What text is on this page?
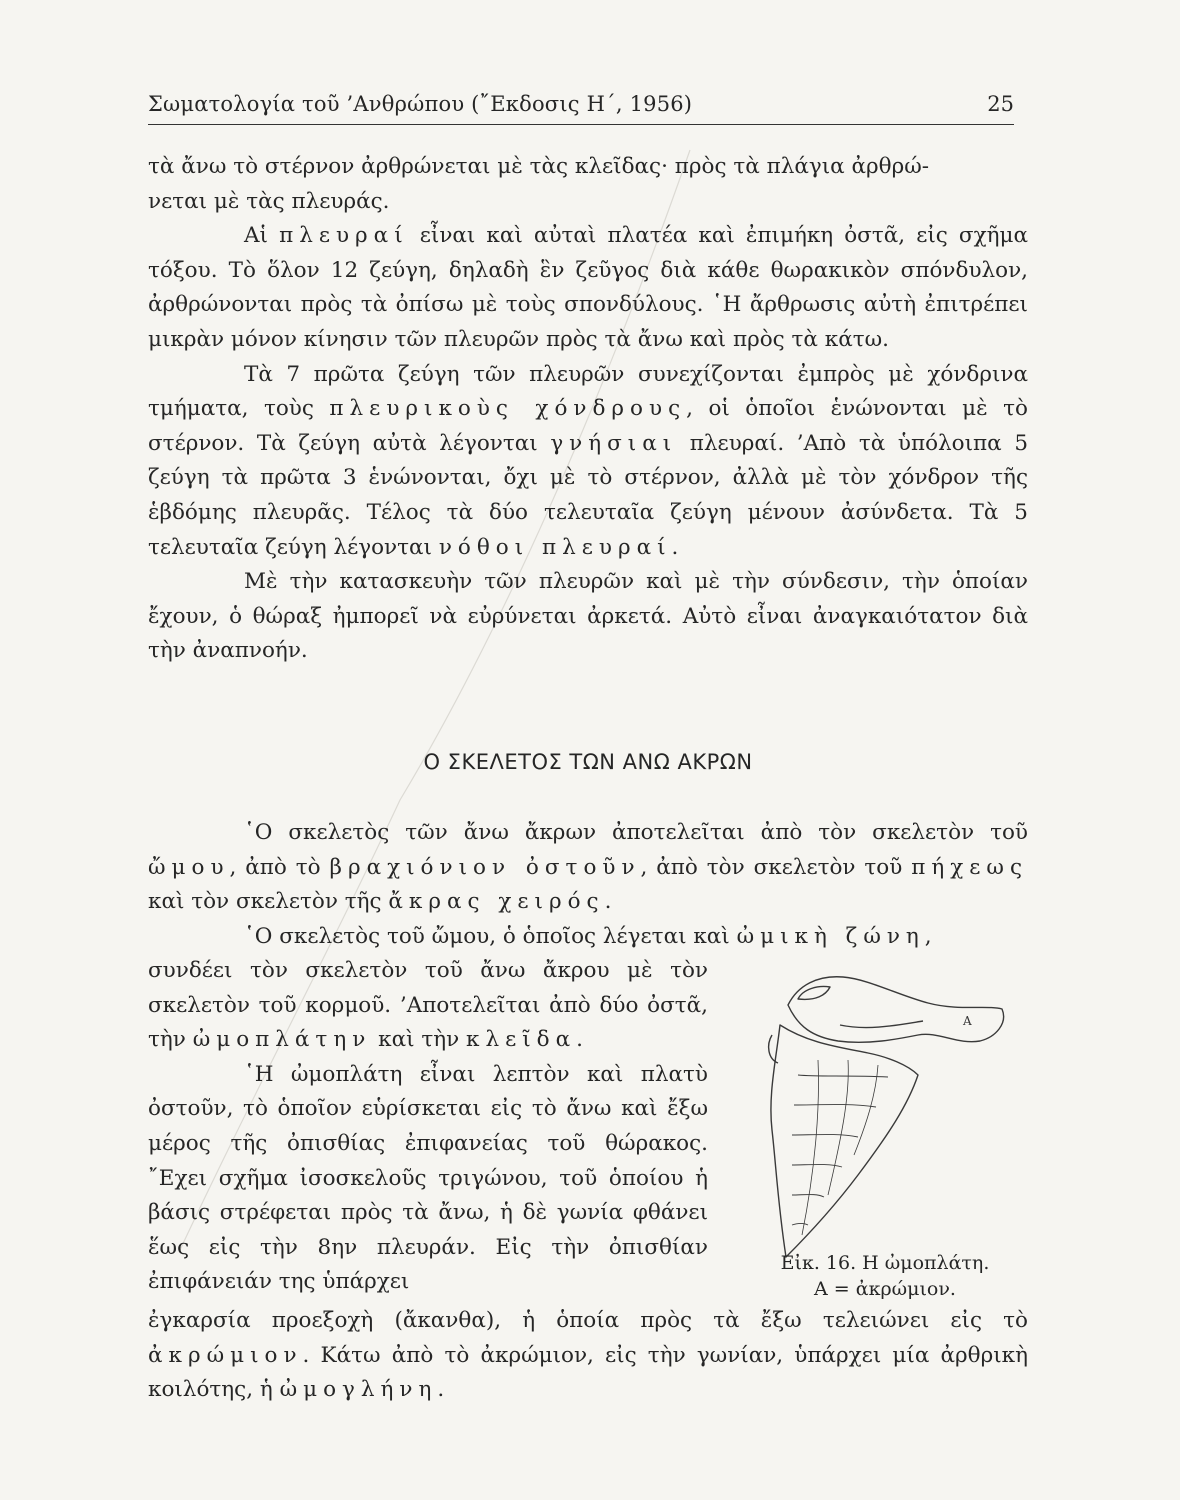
Σωματολογία τοῦ ’Ανθρώπου (῎Εκδοσις Η΄, 1956)	25

τὰ ἄνω τὸ στέρνον ἀρθρώνεται μὲ τὰς κλεῖδας· πρὸς τὰ πλάγια ἀρθρώ-
νεται μὲ τὰς πλευράς.

Αἱ πλευραί εἶναι καὶ αὐταὶ πλατέα καὶ ἐπιμήκη ὀστᾶ, εἰς σχῆμα τόξου. Τὸ ὅλον 12 ζεύγη, δηλαδὴ ἓν ζεῦγος διὰ κάθε θωρακικὸν σπόνδυλον, ἀρθρώνονται πρὸς τὰ ὀπίσω μὲ τοὺς σπονδύλους. ῾Η ἄρθρωσις αὐτὴ ἐπιτρέπει μικρὰν μόνον κίνησιν τῶν πλευρῶν πρὸς τὰ ἄνω καὶ πρὸς τὰ κάτω.

Τὰ 7 πρῶτα ζεύγη τῶν πλευρῶν συνεχίζονται ἐμπρὸς μὲ χόνδρινα τμήματα, τοὺς πλευρικοὺς χόνδρους, οἱ ὁποῖοι ἑνώνονται μὲ τὸ στέρνον. Τὰ ζεύγη αὐτὰ λέγονται γνήσιαι πλευραί. ’Απὸ τὰ ὑπόλοιπα 5 ζεύγη τὰ πρῶτα 3 ἑνώνονται, ὄχι μὲ τὸ στέρνον, ἀλλὰ μὲ τὸν χόνδρον τῆς ἑβδόμης πλευρᾶς. Τέλος τὰ δύο τελευταῖα ζεύγη μένουν ἀσύνδετα. Τὰ 5 τελευταῖα ζεύγη λέγονται νόθοι πλευραί.

Μὲ τὴν κατασκευὴν τῶν πλευρῶν καὶ μὲ τὴν σύνδεσιν, τὴν ὁποίαν ἔχουν, ὁ θώραξ ἠμπορεῖ νὰ εὐρύνεται ἀρκετά. Αὐτὸ εἶναι ἀναγκαιότατον διὰ τὴν ἀναπνοήν.

Ο ΣΚΕΛΕΤΟΣ ΤΩΝ ΑΝΩ ΑΚΡΩΝ

῾Ο σκελετὸς τῶν ἄνω ἄκρων ἀποτελεῖται ἀπὸ τὸν σκελετὸν τοῦ ὤμου, ἀπὸ τὸ βραχιόνιον ὀστοῦν, ἀπὸ τὸν σκελετὸν τοῦ πήχεως καὶ τὸν σκελετὸν τῆς ἄκρας χειρός.

῾Ο σκελετὸς τοῦ ὤμου, ὁ ὁποῖος λέγεται καὶ ὠμικὴ ζώνη,

συνδέει τὸν σκελετὸν τοῦ ἄνω ἄκρου μὲ τὸν σκελετὸν τοῦ κορμοῦ. ’Αποτελεῖται ἀπὸ δύο ὀστᾶ, τὴν ὠμοπλάτην καὶ τὴν κλεῖδα.

῾Η ὠμοπλάτη εἶναι λεπτὸν καὶ πλατὺ ὀστοῦν, τὸ ὁποῖον εὑρίσκεται εἰς τὸ ἄνω καὶ ἔξω μέρος τῆς ὀπισθίας ἐπιφανείας τοῦ θώρακος. ῎Εχει σχῆμα ἰσοσκελοῦς τριγώνου, τοῦ ὁποίου ἡ βάσις στρέφεται πρὸς τὰ ἄνω, ἡ δὲ γωνία φθάνει ἕως εἰς τὴν 8ην πλευράν. Εἰς τὴν ὀπισθίαν ἐπιφάνειάν της ὑπάρχει

ἐγκαρσία προεξοχὴ (ἄκανθα), ἡ ὁποία πρὸς τὰ ἔξω τελειώνει εἰς τὸ ἀκρώμιον. Κάτω ἀπὸ τὸ ἀκρώμιον, εἰς τὴν γωνίαν, ὑπάρχει μία ἀρθρικὴ κοιλότης, ἡ ὠμογλήνη.

A
Εἰκ. 16. Η ὠμοπλάτη.
A = ἀκρώμιον.
